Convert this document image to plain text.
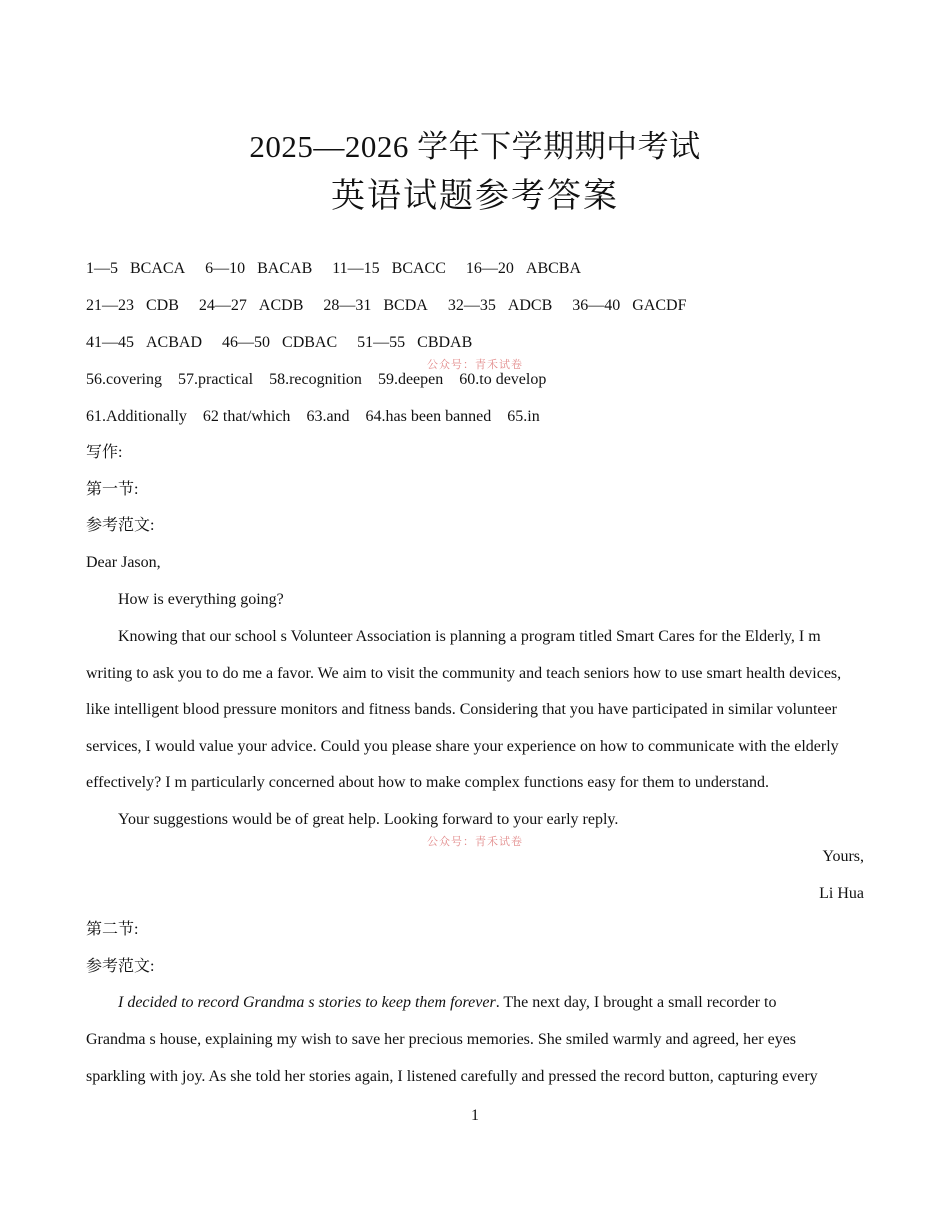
2025—2026 学年下学期期中考试
英语试题参考答案
1—5 BCACA 6—10 BACAB 11—15 BCACC 16—20 ABCBA
21—23 CDB 24—27 ACDB 28—31 BCDA 32—35 ADCB 36—40 GACDF
41—45 ACBAD 46—50 CDBAC 51—55 CBDAB
公众号：青禾试卷
56.covering 57.practical 58.recognition 59.deepen 60.to develop
61.Additionally 62 that/which 63.and 64.has been banned 65.in
写作:
第一节:
参考范文:
Dear Jason,
How is everything going?
Knowing that our school s Volunteer Association is planning a program titled Smart Cares for the Elderly, I m
writing to ask you to do me a favor. We aim to visit the community and teach seniors how to use smart health devices,
like intelligent blood pressure monitors and fitness bands. Considering that you have participated in similar volunteer
services, I would value your advice. Could you please share your experience on how to communicate with the elderly
effectively? I m particularly concerned about how to make complex functions easy for them to understand.
Your suggestions would be of great help. Looking forward to your early reply.
公众号：青禾试卷
Yours,
Li Hua
第二节:
参考范文:
I decided to record Grandma s stories to keep them forever. The next day, I brought a small recorder to
Grandma s house, explaining my wish to save her precious memories. She smiled warmly and agreed, her eyes
sparkling with joy. As she told her stories again, I listened carefully and pressed the record button, capturing every
1
